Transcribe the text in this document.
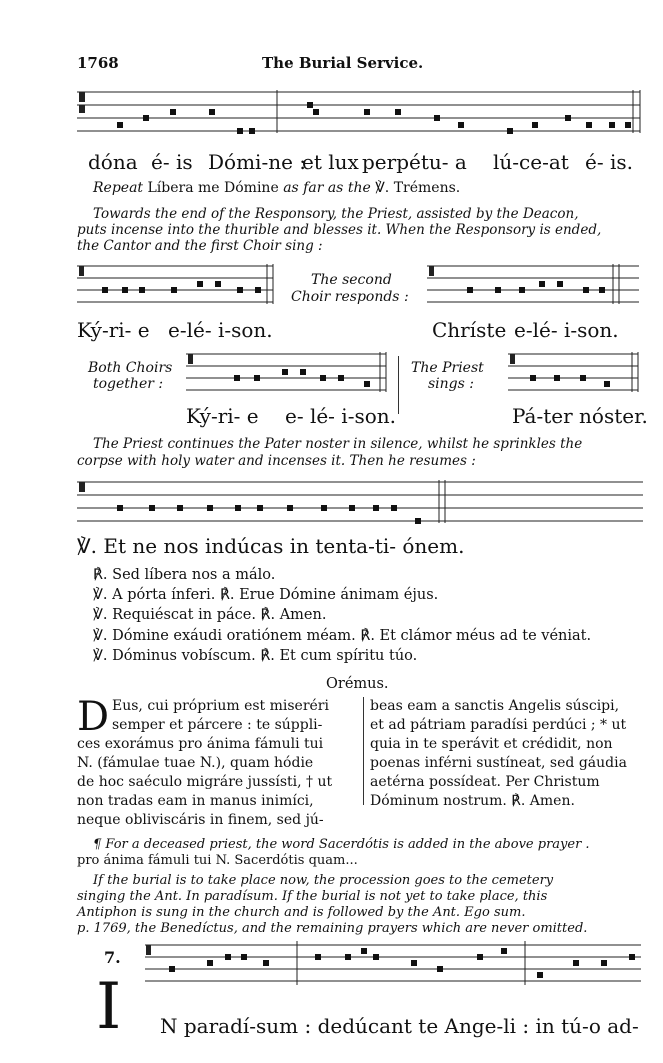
1768	The Burial Service.
dóna é- is Dómi-ne :
et lux perpétu- a lú-ce-at é- is.
Repeat Líbera me Dómine as far as the ℣. Trémens.
Towards the end of the Responsory, the Priest, assisted by the Deacon,
puts incense into the thurible and blesses it. When the Responsory is ended,
the Cantor and the first Choir sing :
The second
Choir responds :
Ký-ri- e e-lé- i-son.	Chríste e-lé- i-son.
Both Choirs
together :
The Priest
sings :
Ký-ri- e e- lé- i-son.	Pá-ter nóster.
The Priest continues the Pater noster in silence, whilst he sprinkles the
corpse with holy water and incenses it. Then he resumes :
℣. Et ne nos indúcas in tenta-ti- ónem.
℟. Sed líbera nos a málo.
℣. A pórta ínferi. ℟. Erue Dómine ánimam éjus.
℣. Requiéscat in páce. ℟. Amen.
℣. Dómine exáudi oratiónem méam. ℟. Et clámor méus ad te véniat.
℣. Dóminus vobíscum. ℟. Et cum spíritu túo.
Orémus.
D Eus, cui próprium est miseréri
semper et párcere : te súppli-
ces exorámus pro ánima fámuli tui
N. (fámulae tuae N.), quam hódie
de hoc saéculo migráre jussísti, † ut
non tradas eam in manus inimíci,
neque obliviscáris in finem, sed jú-
beas eam a sanctis Angelis súscipi,
et ad pátriam paradísi perdúci ; * ut
quia in te sperávit et crédidit, non
poenas inférni sustíneat, sed gáudia
aetérna possídeat. Per Christum
Dóminum nostrum. ℟. Amen.
¶ For a deceased priest, the word Sacerdótis is added in the above prayer .
pro ánima fámuli tui N. Sacerdótis quam...
If the burial is to take place now, the procession goes to the cemetery
singing the Ant. In paradísum. If the burial is not yet to take place, this
Antiphon is sung in the church and is followed by the Ant. Ego sum.
p. 1769, the Benedíctus, and the remaining prayers which are never omitted.
7.
I N paradí-sum : dedúcant te Ange-li : in tú-o ad-
